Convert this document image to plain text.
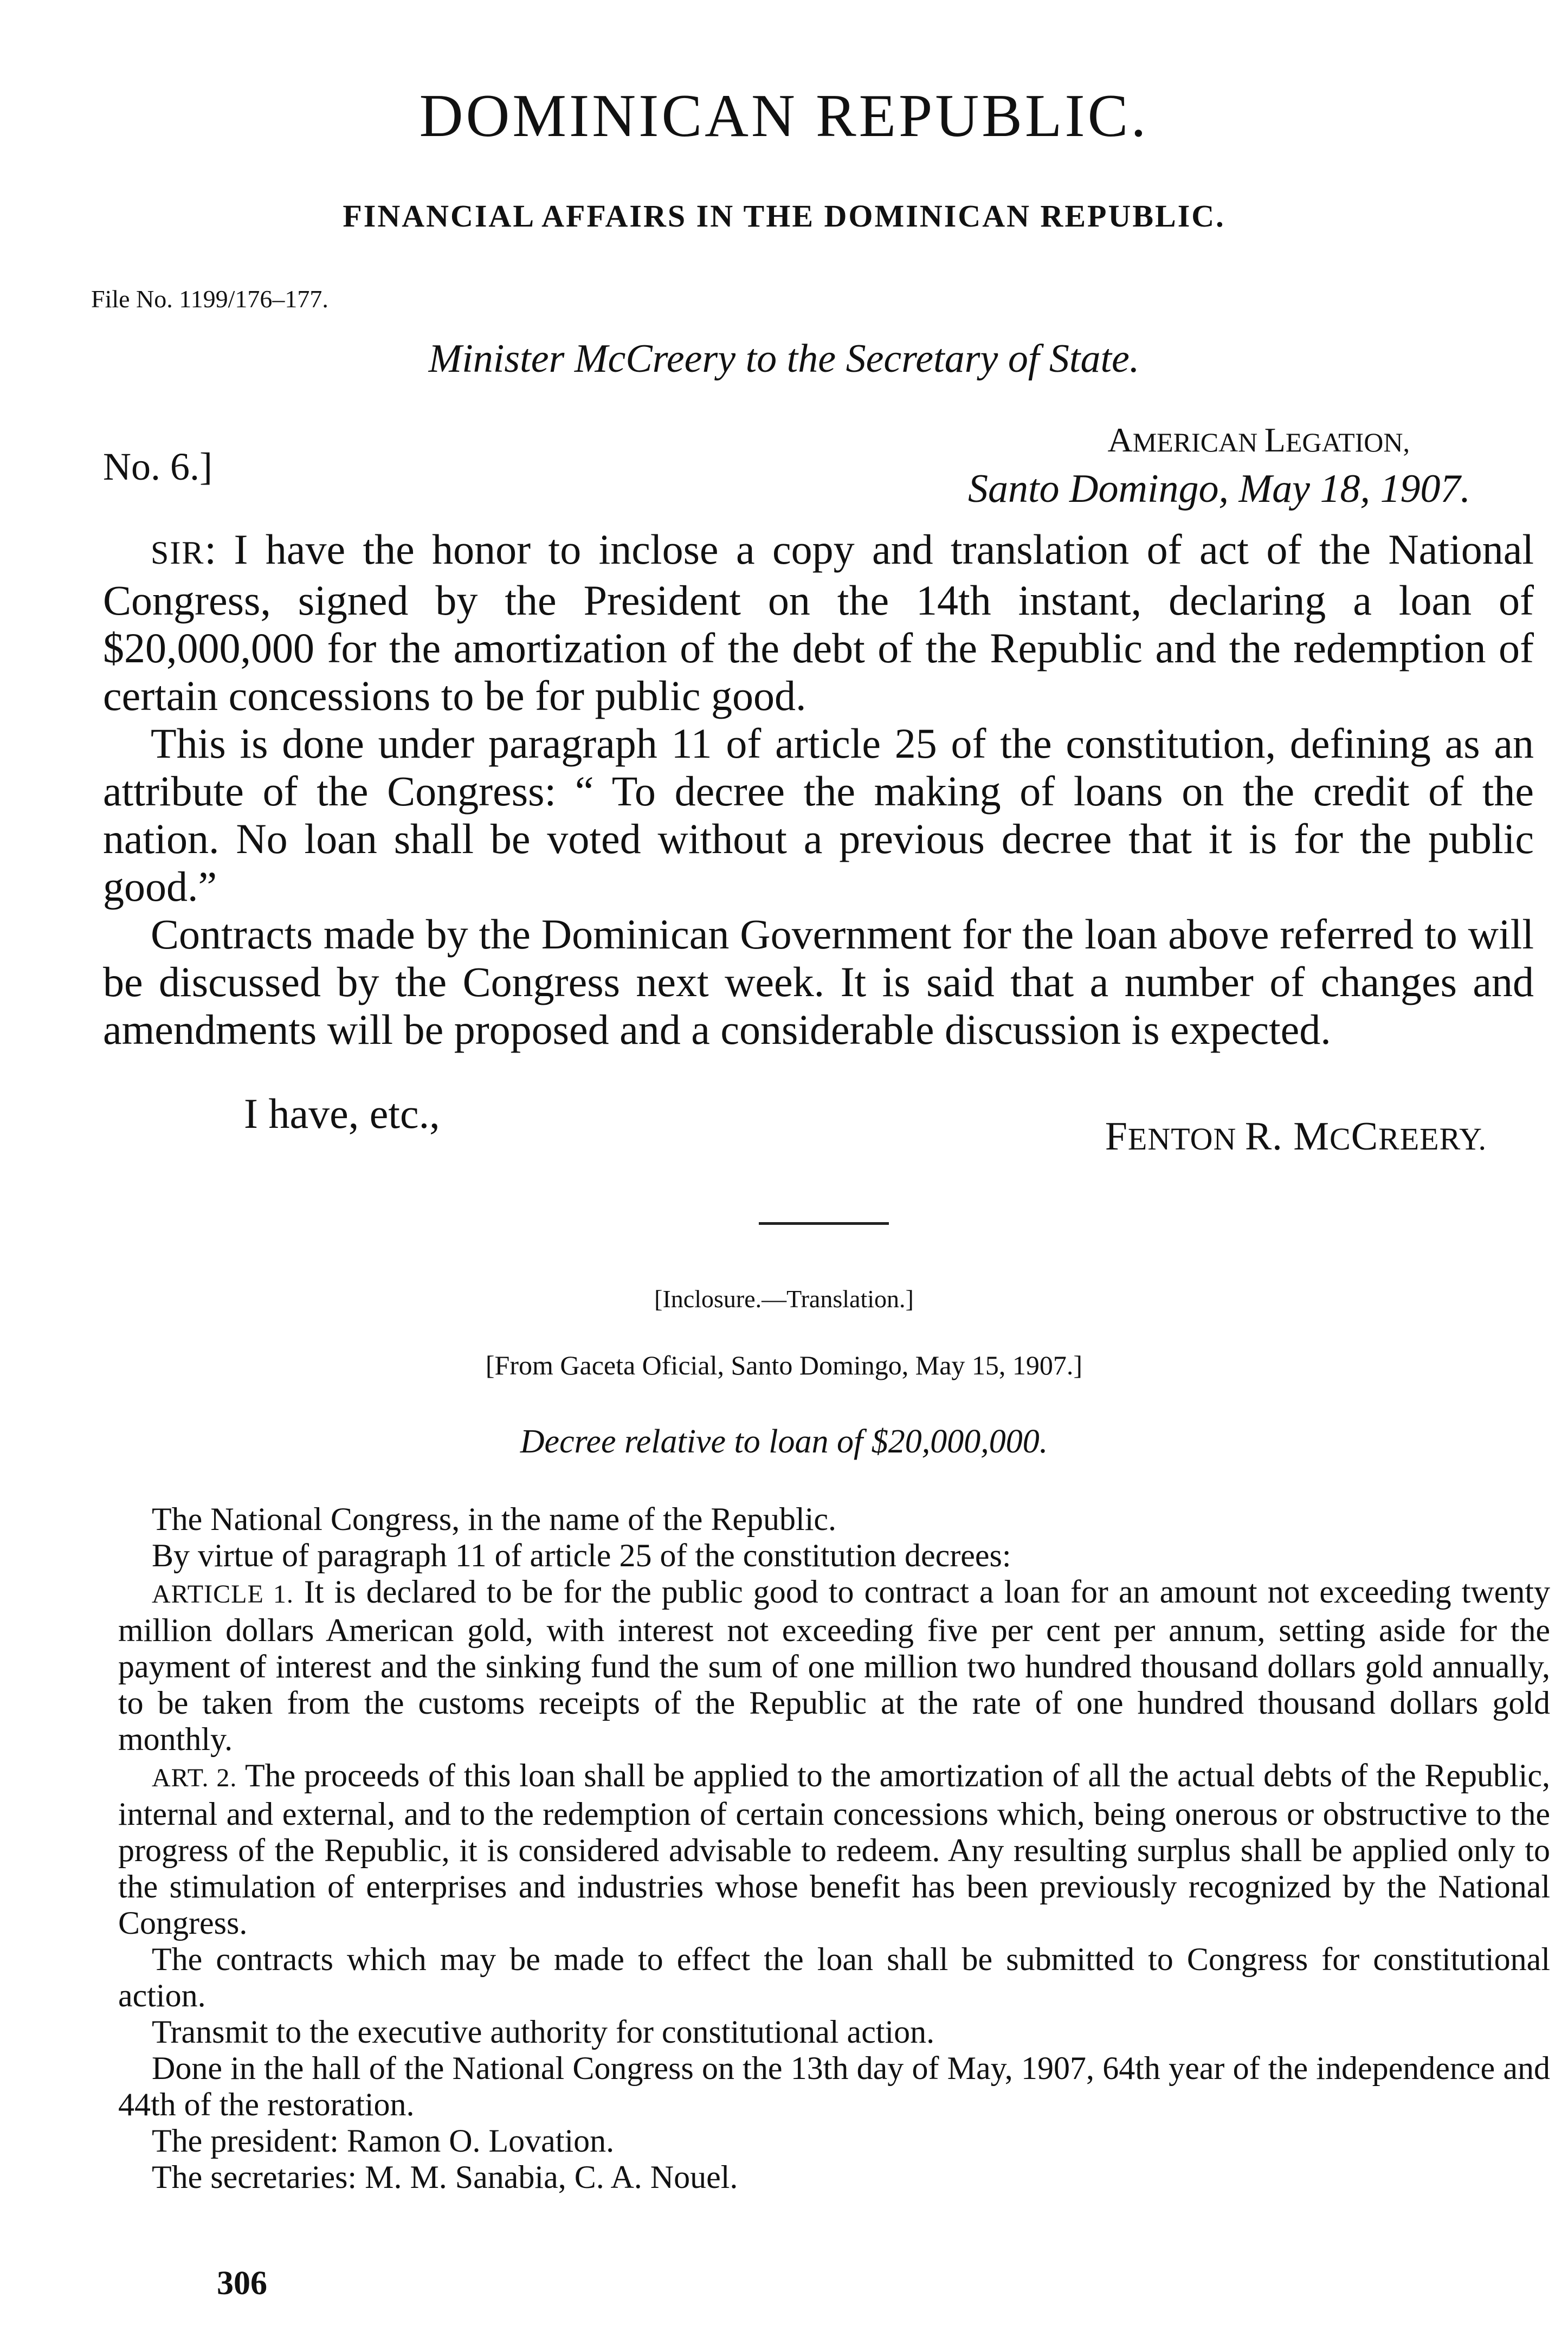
DOMINICAN REPUBLIC.
FINANCIAL AFFAIRS IN THE DOMINICAN REPUBLIC.
File No. 1199/176–177.
Minister McCreery to the Secretary of State.
No. 6.]
AMERICAN LEGATION,
Santo Domingo, May 18, 1907.

SIR: I have the honor to inclose a copy and translation of act of the National Congress, signed by the President on the 14th instant, declaring a loan of $20,000,000 for the amortization of the debt of the Republic and the redemption of certain concessions to be for public good.

This is done under paragraph 11 of article 25 of the constitution, defining as an attribute of the Congress: “ To decree the making of loans on the credit of the nation. No loan shall be voted without a previous decree that it is for the public good.”

Contracts made by the Dominican Government for the loan above referred to will be discussed by the Congress next week. It is said that a number of changes and amendments will be proposed and a considerable discussion is expected.

I have, etc.,	FENTON R. MCCREERY.
[Inclosure.—Translation.]
[From Gaceta Oficial, Santo Domingo, May 15, 1907.]
Decree relative to loan of $20,000,000.

The National Congress, in the name of the Republic.

By virtue of paragraph 11 of article 25 of the constitution decrees:

ARTICLE 1. It is declared to be for the public good to contract a loan for an amount not exceeding twenty million dollars American gold, with interest not exceeding five per cent per annum, setting aside for the payment of interest and the sinking fund the sum of one million two hundred thousand dollars gold annually, to be taken from the customs receipts of the Republic at the rate of one hundred thousand dollars gold monthly.

ART. 2. The proceeds of this loan shall be applied to the amortization of all the actual debts of the Republic, internal and external, and to the redemption of certain concessions which, being onerous or obstructive to the progress of the Republic, it is considered advisable to redeem. Any resulting surplus shall be applied only to the stimulation of enterprises and industries whose benefit has been previously recognized by the National Congress.

The contracts which may be made to effect the loan shall be submitted to Congress for constitutional action.

Transmit to the executive authority for constitutional action.

Done in the hall of the National Congress on the 13th day of May, 1907, 64th year of the independence and 44th of the restoration.

The president: Ramon O. Lovation.

The secretaries: M. M. Sanabia, C. A. Nouel.

306
